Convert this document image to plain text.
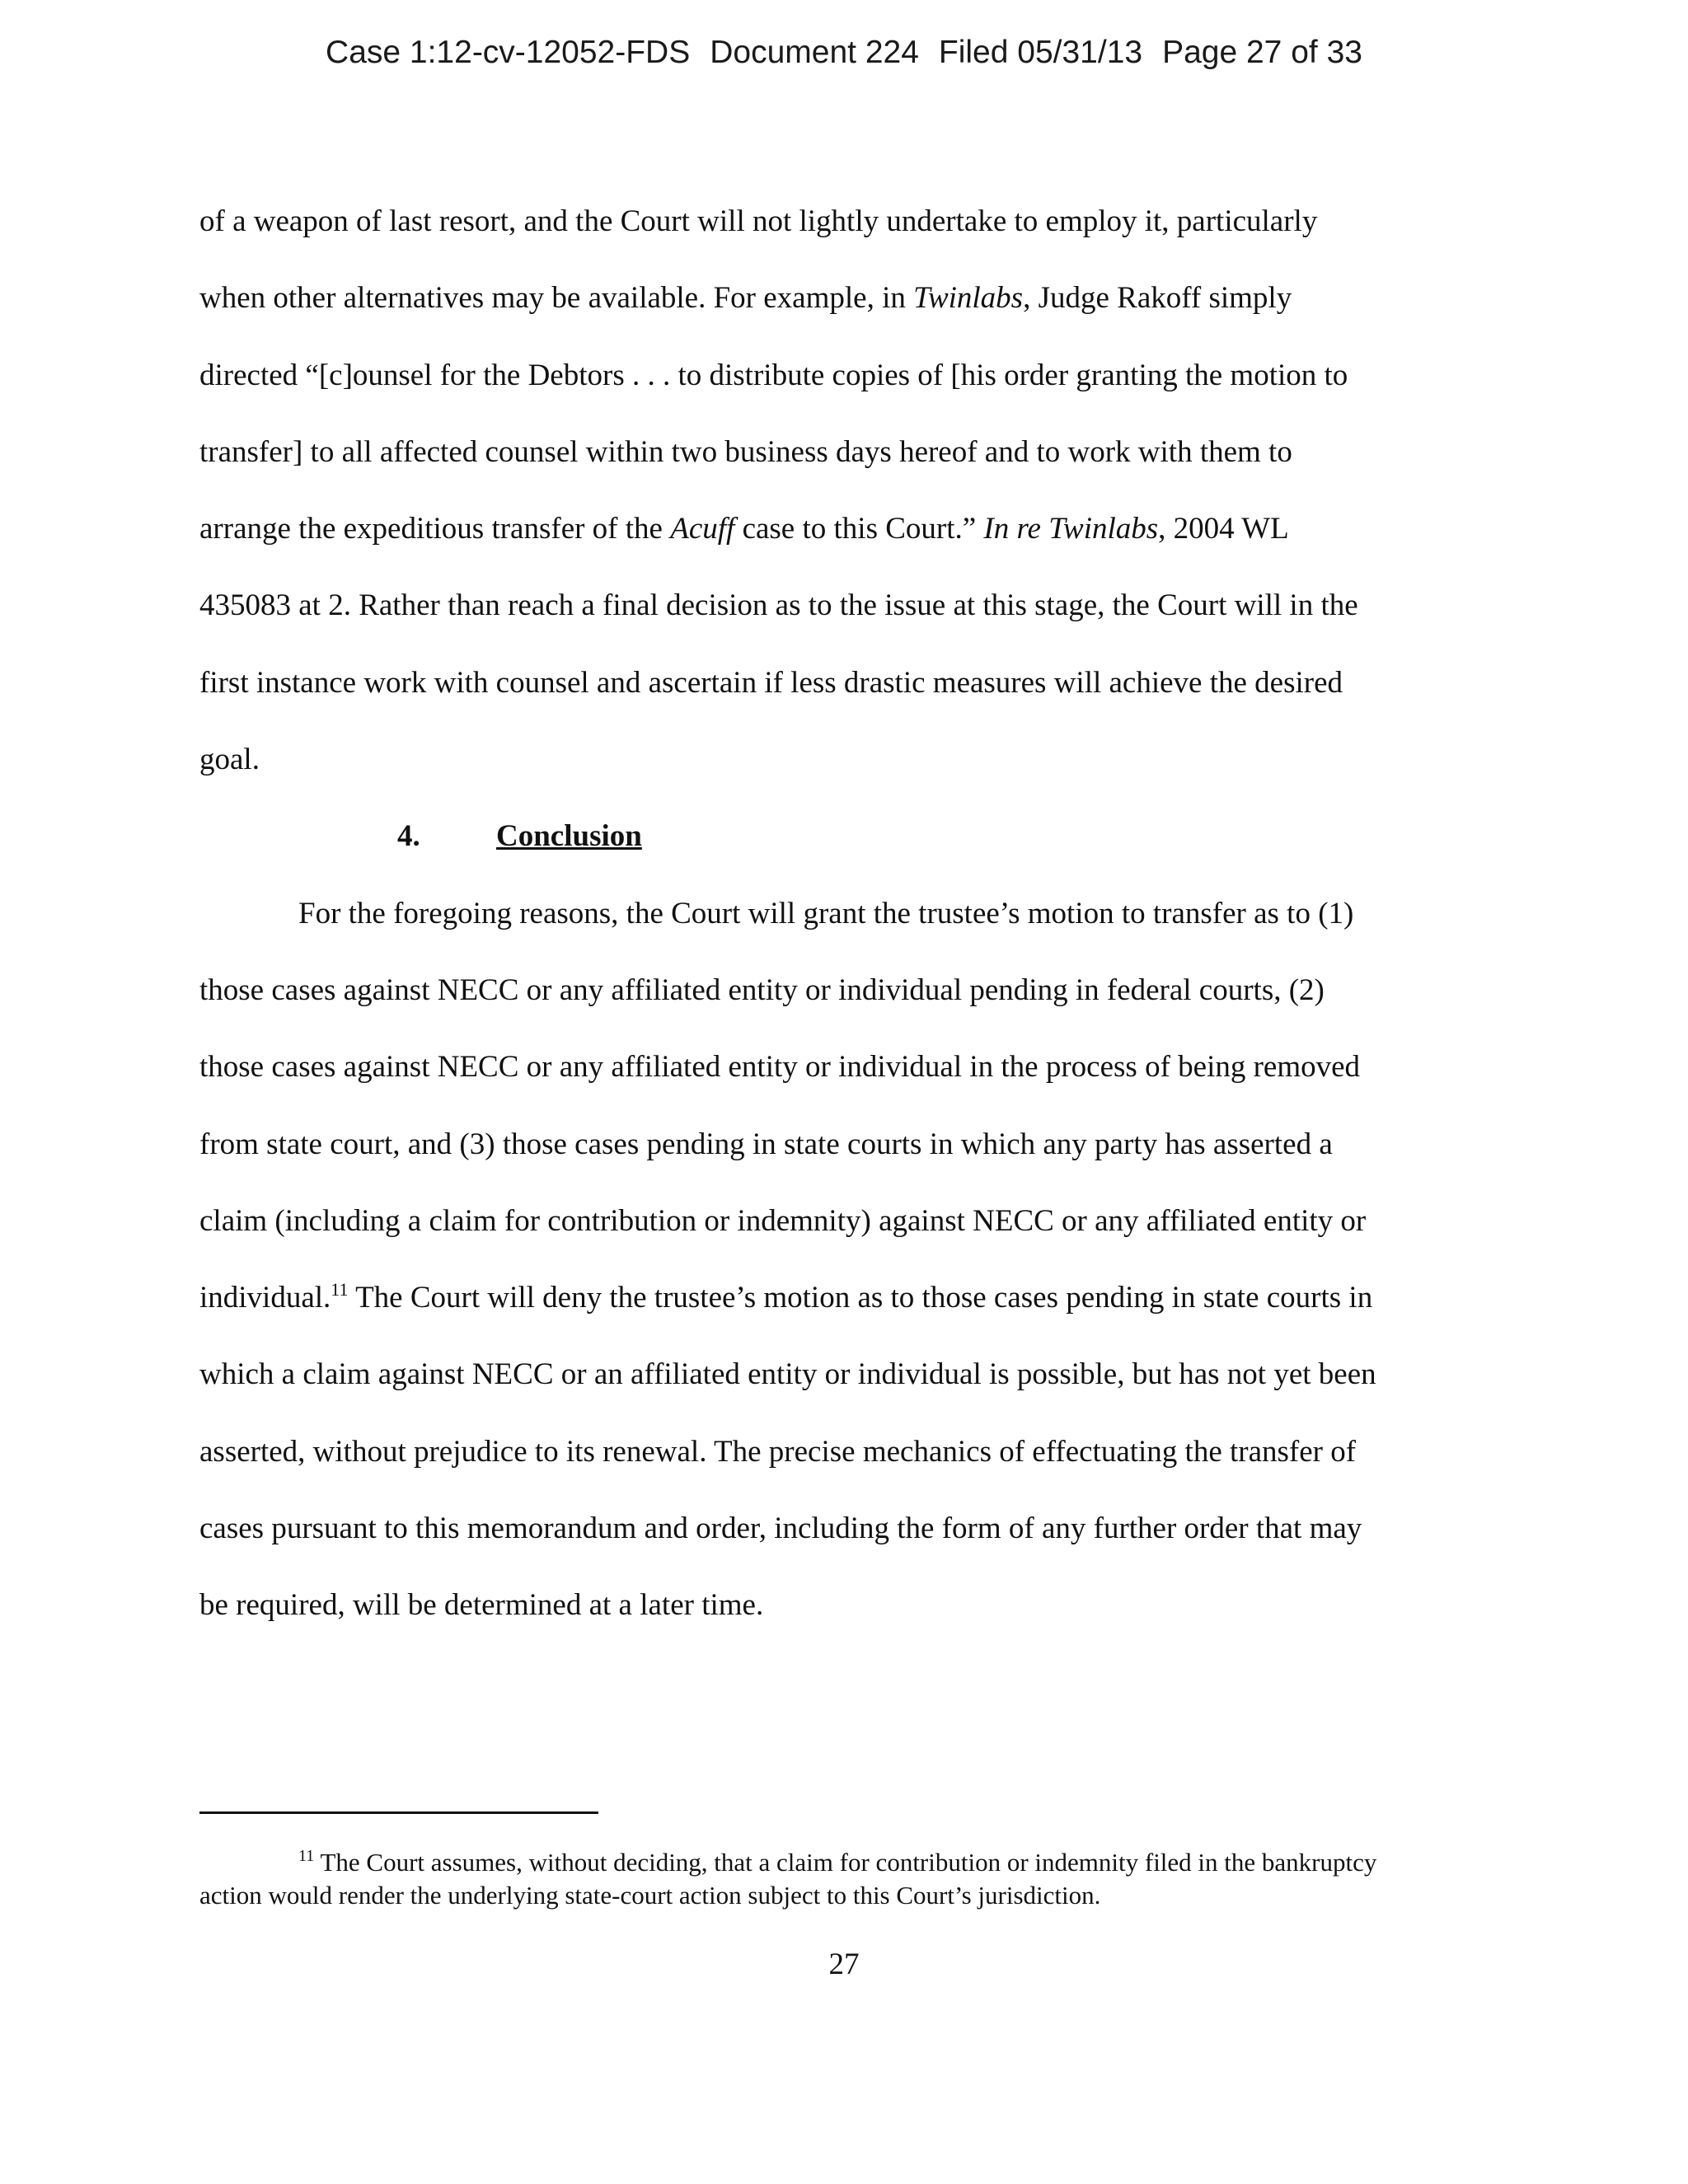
Case 1:12-cv-12052-FDS Document 224 Filed 05/31/13 Page 27 of 33
of a weapon of last resort, and the Court will not lightly undertake to employ it, particularly
when other alternatives may be available. For example, in Twinlabs, Judge Rakoff simply
directed “[c]ounsel for the Debtors . . . to distribute copies of [his order granting the motion to
transfer] to all affected counsel within two business days hereof and to work with them to
arrange the expeditious transfer of the Acuff case to this Court.” In re Twinlabs, 2004 WL
435083 at 2. Rather than reach a final decision as to the issue at this stage, the Court will in the
first instance work with counsel and ascertain if less drastic measures will achieve the desired
goal.
4. Conclusion
For the foregoing reasons, the Court will grant the trustee’s motion to transfer as to (1)
those cases against NECC or any affiliated entity or individual pending in federal courts, (2)
those cases against NECC or any affiliated entity or individual in the process of being removed
from state court, and (3) those cases pending in state courts in which any party has asserted a
claim (including a claim for contribution or indemnity) against NECC or any affiliated entity or
individual.$^{11}$ The Court will deny the trustee’s motion as to those cases pending in state courts in
which a claim against NECC or an affiliated entity or individual is possible, but has not yet been
asserted, without prejudice to its renewal. The precise mechanics of effectuating the transfer of
cases pursuant to this memorandum and order, including the form of any further order that may
be required, will be determined at a later time.
$^{11}$ The Court assumes, without deciding, that a claim for contribution or indemnity filed in the bankruptcy
action would render the underlying state-court action subject to this Court’s jurisdiction.
27
